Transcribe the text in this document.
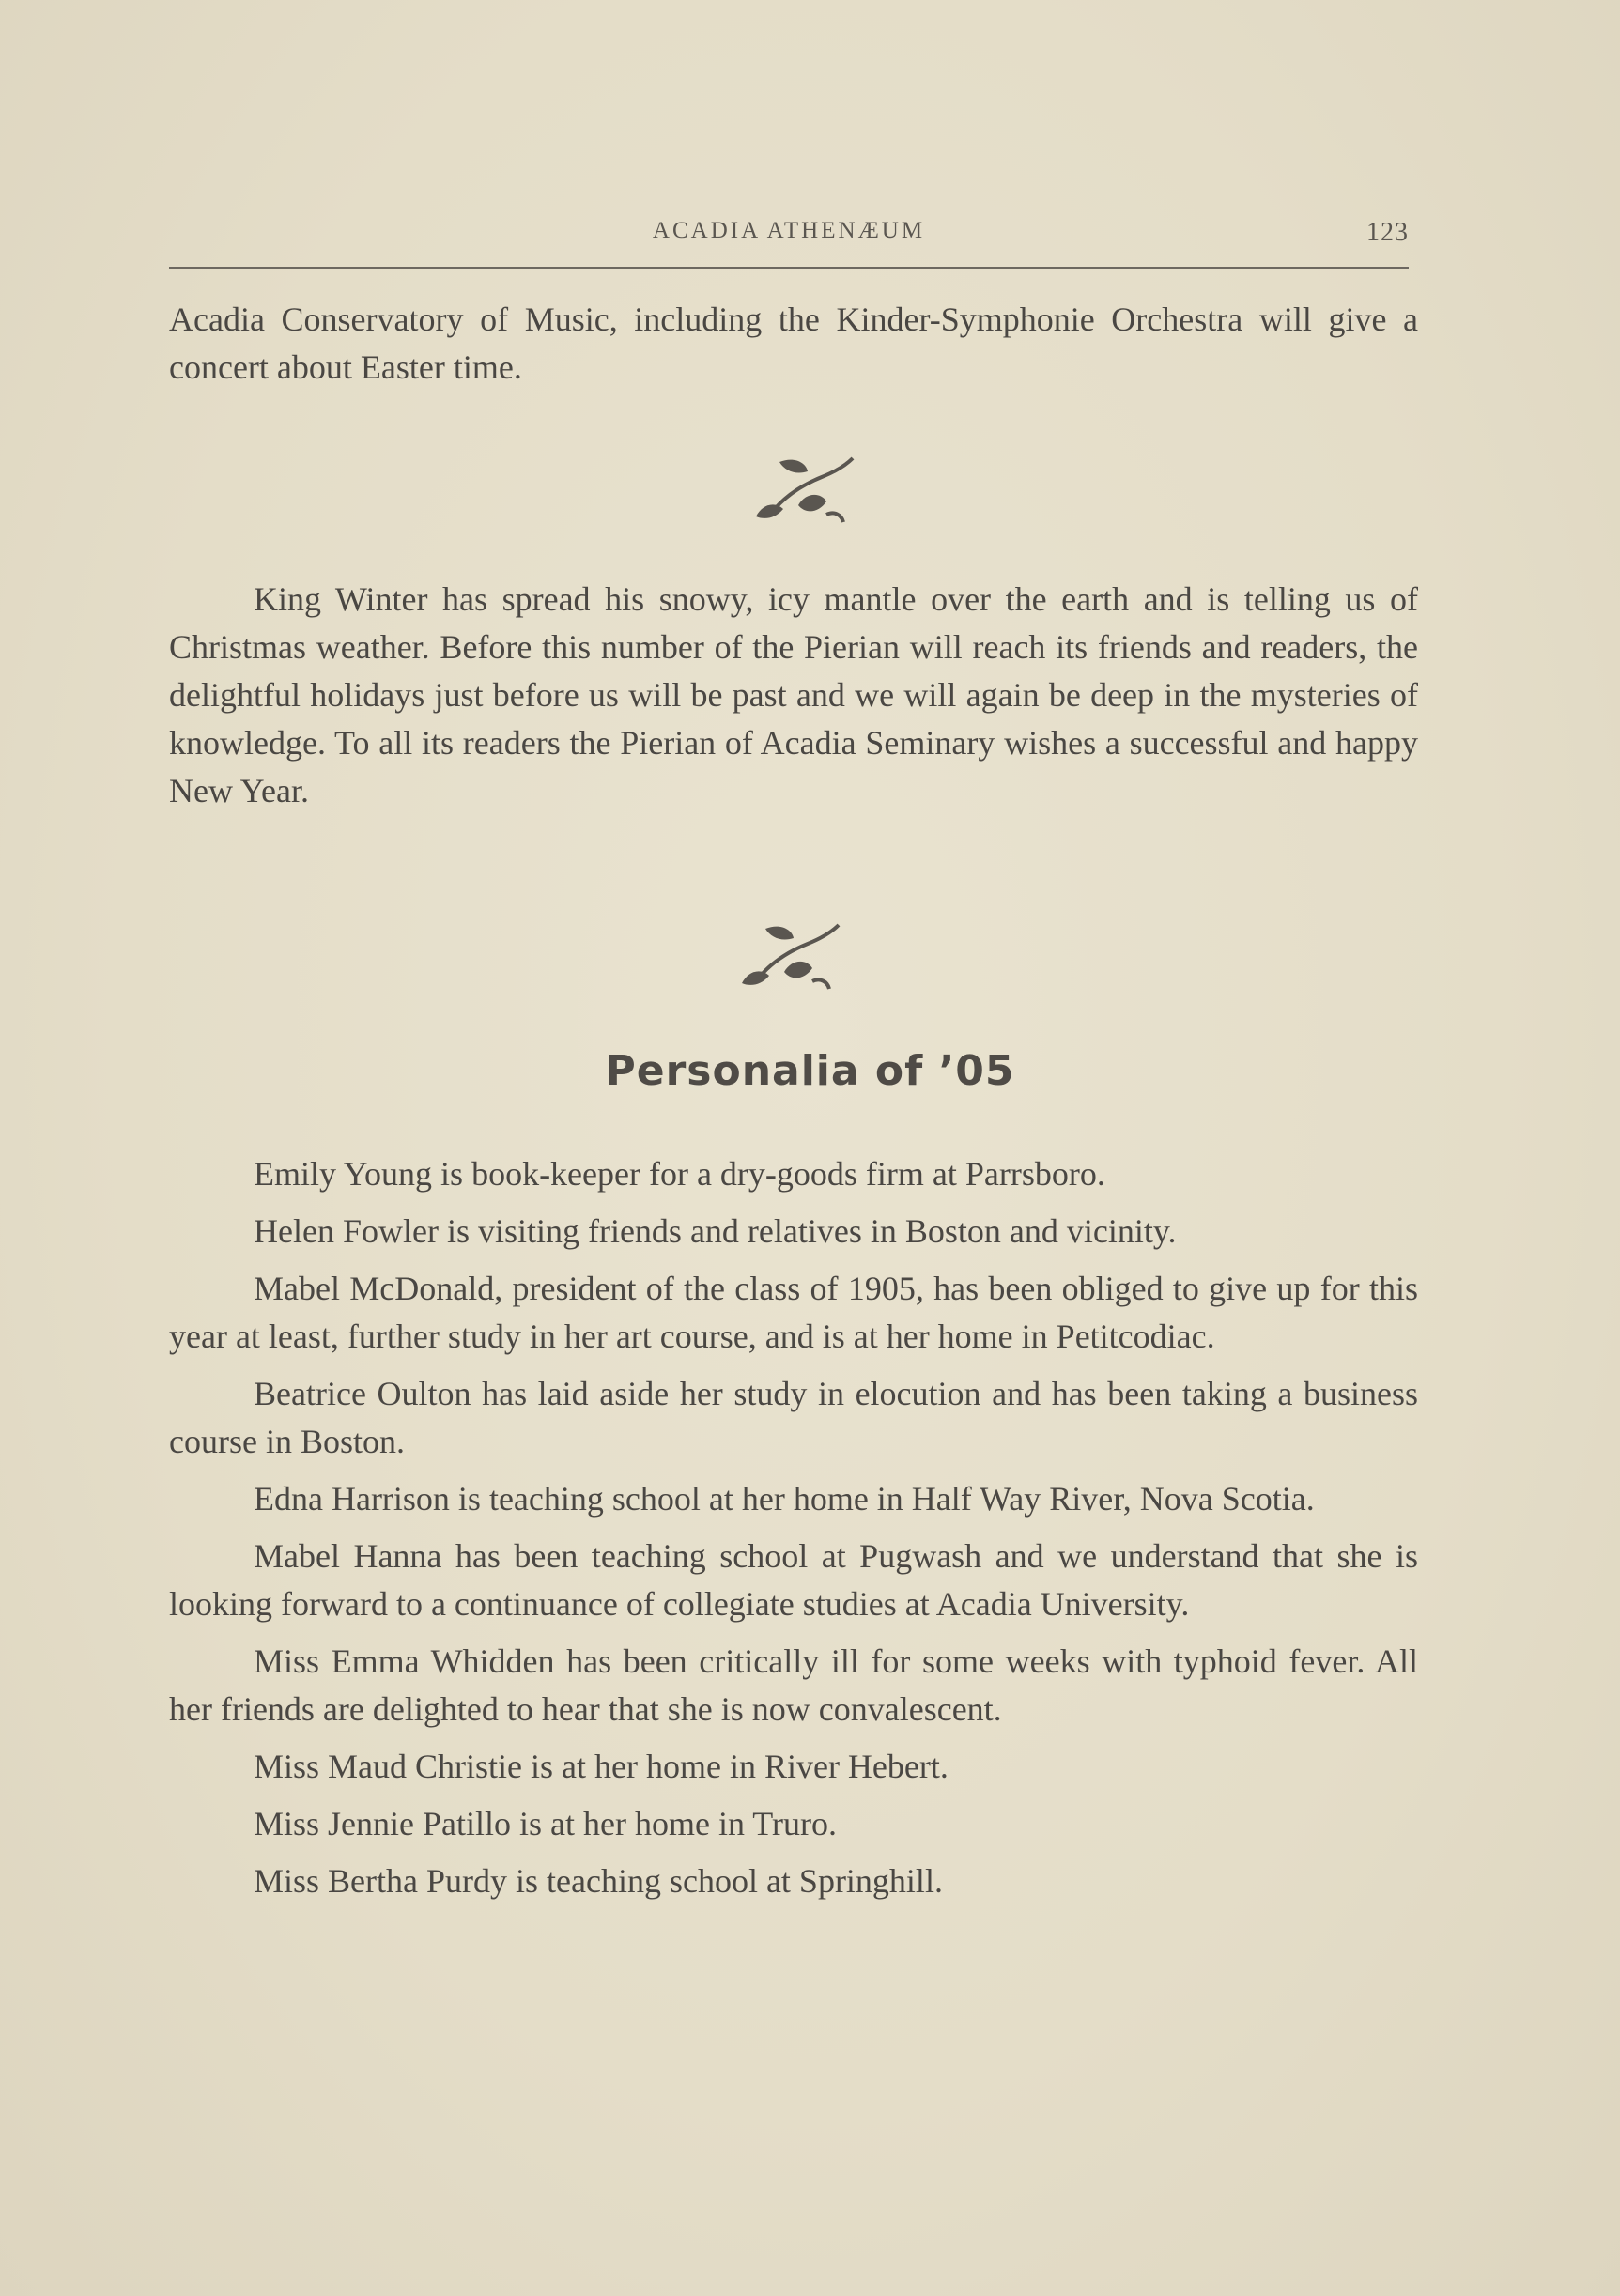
ACADIA ATHENÆUM	123

Acadia Conservatory of Music, including the Kinder-Symphonie Orchestra will give a concert about Easter time.

King Winter has spread his snowy, icy mantle over the earth and is telling us of Christmas weather. Before this number of the Pierian will reach its friends and readers, the delightful holidays just before us will be past and we will again be deep in the mysteries of knowledge. To all its readers the Pierian of Acadia Seminary wishes a successful and happy New Year.

Personalia of ’05

Emily Young is book-keeper for a dry-goods firm at Parrsboro.

Helen Fowler is visiting friends and relatives in Boston and vicinity.

Mabel McDonald, president of the class of 1905, has been obliged to give up for this year at least, further study in her art course, and is at her home in Petitcodiac.

Beatrice Oulton has laid aside her study in elocution and has been taking a business course in Boston.

Edna Harrison is teaching school at her home in Half Way River, Nova Scotia.

Mabel Hanna has been teaching school at Pugwash and we understand that she is looking forward to a continuance of collegiate studies at Acadia University.

Miss Emma Whidden has been critically ill for some weeks with typhoid fever. All her friends are delighted to hear that she is now convalescent.

Miss Maud Christie is at her home in River Hebert.

Miss Jennie Patillo is at her home in Truro.

Miss Bertha Purdy is teaching school at Springhill.
